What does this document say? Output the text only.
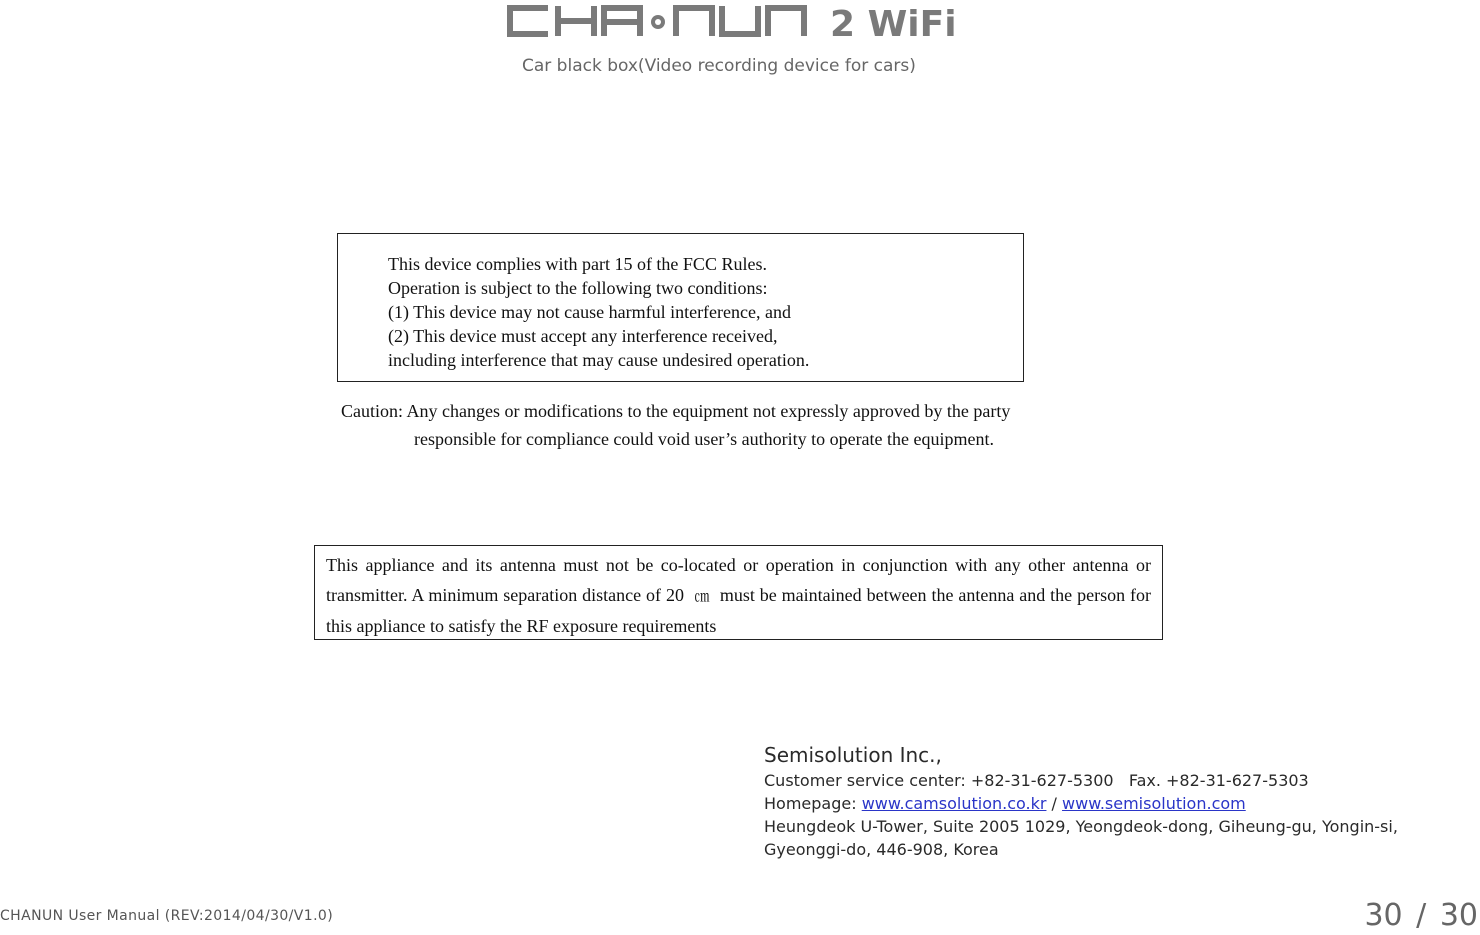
2 WiFi
Car black box(Video recording device for cars)
This device complies with part 15 of the FCC Rules.
Operation is subject to the following two conditions:
(1) This device may not cause harmful interference, and
(2) This device must accept any interference received,
including interference that may cause undesired operation.
Caution: Any changes or modifications to the equipment not expressly approved by the party
responsible for compliance could void user’s authority to operate the equipment.
This appliance and its antenna must not be co-located or operation in conjunction with any other antenna or transmitter. A minimum separation distance of 20 ㎝ must be maintained between the antenna and the person for this appliance to satisfy the RF exposure requirements
Semisolution Inc.,
Customer service center: +82-31-627-5300 Fax. +82-31-627-5303
Homepage: www.camsolution.co.kr / www.semisolution.com
Heungdeok U-Tower, Suite 2005 1029, Yeongdeok-dong, Giheung-gu, Yongin-si,
Gyeonggi-do, 446-908, Korea
CHANUN User Manual (REV:2014/04/30/V1.0)	30 / 30
